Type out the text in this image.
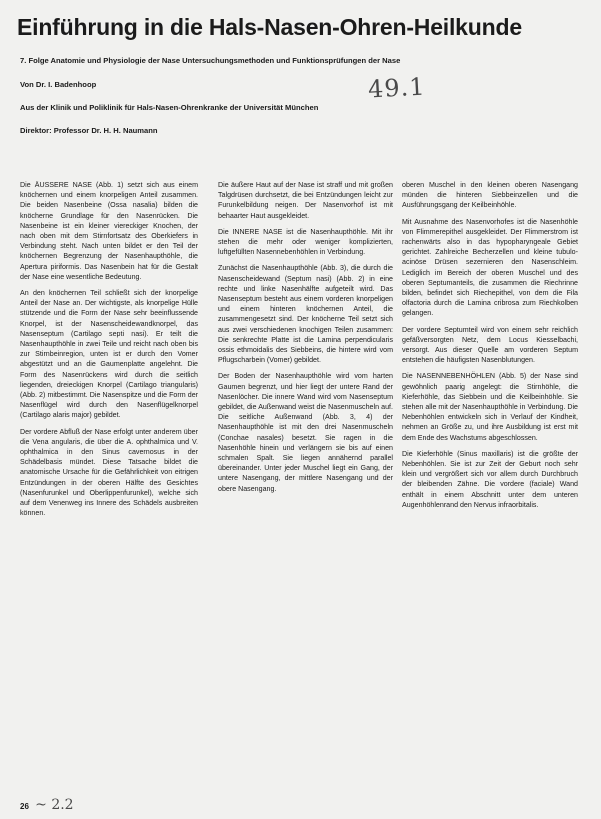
Einführung in die Hals-Nasen-Ohren-Heilkunde
7. Folge Anatomie und Physiologie der Nase Untersuchungsmethoden und Funktionsprüfungen der Nase
49.1
Von Dr. I. Badenhoop
Aus der Klinik und Poliklinik für Hals-Nasen-Ohrenkranke der Universität München
Direktor: Professor Dr. H. H. Naumann

Die ÄUSSERE NASE (Abb. 1) setzt sich aus einem knöchernen und einem knorpeligen Anteil zusammen. Die beiden Nasenbeine (Ossa nasalia) bilden die knöcherne Grundlage für den Nasenrücken. Die Nasenbeine ist ein kleiner viereckiger Knochen, der nach oben mit dem Stirnfortsatz des Oberkiefers in Verbindung steht. Nach unten bildet er den Teil der knöchernen Begrenzung der Nasenhaupthöhle, die Apertura piriformis. Das Nasenbein hat für die Gestalt der Nase eine wesentliche Bedeutung.

An den knöchernen Teil schließt sich der knorpelige Anteil der Nase an. Der wichtigste, als knorpelige Hülle stützende und die Form der Nase sehr beeinflussende Knorpel, ist der Nasenscheidewandknorpel, das Nasenseptum (Cartilago septi nasi). Er teilt die Nasenhaupthöhle in zwei Teile und reicht nach oben bis zur Stirnbeinregion, unten ist er durch den Vomer abgestützt und an die Gaumenplatte angelehnt. Die Form des Nasenrückens wird durch die seitlich liegenden, dreieckigen Knorpel (Cartilago triangularis) (Abb. 2) mitbestimmt. Die Nasenspitze und die Form der Nasenflügel wird durch den Nasenflügelknorpel (Cartilago alaris major) gebildet.

Der vordere Abfluß der Nase erfolgt unter anderem über die Vena angularis, die über die A. ophthalmica und V. ophthalmica in den Sinus cavernosus in der Schädelbasis mündet. Diese Tatsache bildet die anatomische Ursache für die Gefährlichkeit von eitrigen Entzündungen in der oberen Hälfte des Gesichtes (Nasenfurunkel und Oberlippenfurunkel), welche sich auf dem Venenweg ins Innere des Schädels ausbreiten können.

Die äußere Haut auf der Nase ist straff und mit großen Talgdrüsen durchsetzt, die bei Entzündungen leicht zur Furunkelbildung neigen. Der Nasenvorhof ist mit behaarter Haut ausgekleidet.

Die INNERE NASE ist die Nasenhaupthöhle. Mit ihr stehen die mehr oder weniger komplizierten, luftgefüllten Nasennebenhöhlen in Verbindung.

Zunächst die Nasenhaupthöhle (Abb. 3), die durch die Nasenscheidewand (Septum nasi) (Abb. 2) in eine rechte und linke Nasenhälfte aufgeteilt wird. Das Nasenseptum besteht aus einem vorderen knorpeligen und einem hinteren knöchernen Anteil, die zusammengesetzt sind. Der knöcherne Teil setzt sich aus zwei verschiedenen knochigen Teilen zusammen: Die senkrechte Platte ist die Lamina perpendicularis ossis ethmoidalis des Siebbeins, die hintere wird vom Pflugscharbein (Vomer) gebildet.

Der Boden der Nasenhaupthöhle wird vom harten Gaumen begrenzt, und hier liegt der untere Rand der Nasenlöcher. Die innere Wand wird vom Nasenseptum gebildet, die Außenwand weist die Nasenmuscheln auf. Die seitliche Außenwand (Abb. 3, 4) der Nasenhaupthöhle ist mit den drei Nasenmuscheln (Conchae nasales) besetzt. Sie ragen in die Nasenhöhle hinein und verlängern sie bis auf einen schmalen Spalt. Sie liegen annähernd parallel übereinander. Unter jeder Muschel liegt ein Gang, der untere Nasengang, der mittlere Nasengang und der obere Nasengang.

oberen Muschel in den kleinen oberen Nasengang münden die hinteren Siebbeinzellen und die Ausführungsgang der Keilbeinhöhle.

Mit Ausnahme des Nasenvorhofes ist die Nasenhöhle von Flimmerepithel ausgekleidet. Der Flimmerstrom ist rachenwärts also in das hypopharyngeale Gebiet gerichtet. Zahlreiche Becherzellen und kleine tubulo-acinöse Drüsen sezernieren den Nasenschleim. Lediglich im Bereich der oberen Muschel und des oberen Septumanteils, die zusammen die Riechrinne bilden, befindet sich Riechepithel, von dem die Fila olfactoria durch die Lamina cribrosa zum Riechkolben gelangen.

Der vordere Septumteil wird von einem sehr reichlich gefäßversorgten Netz, dem Locus Kiesselbachi, versorgt. Aus dieser Quelle am vorderen Septum entstehen die häufigsten Nasenblutungen.

Die NASENNEBENHÖHLEN (Abb. 5) der Nase sind gewöhnlich paarig angelegt: die Stirnhöhle, die Kieferhöhle, das Siebbein und die Keilbeinhöhle. Sie stehen alle mit der Nasenhaupthöhle in Verbindung. Die Nebenhöhlen entwickeln sich in Verlauf der Kindheit, nehmen an Größe zu, und ihre Ausbildung ist erst mit dem Ende des Wachstums abgeschlossen.

Die Kieferhöhle (Sinus maxillaris) ist die größte der Nebenhöhlen. Sie ist zur Zeit der Geburt noch sehr klein und vergrößert sich vor allem durch Durchbruch der bleibenden Zähne. Die vordere (faciale) Wand enthält in einem Abschnitt unter dem unteren Augenhöhlenrand den Nervus infraorbitalis.

26 ~ 2.2
